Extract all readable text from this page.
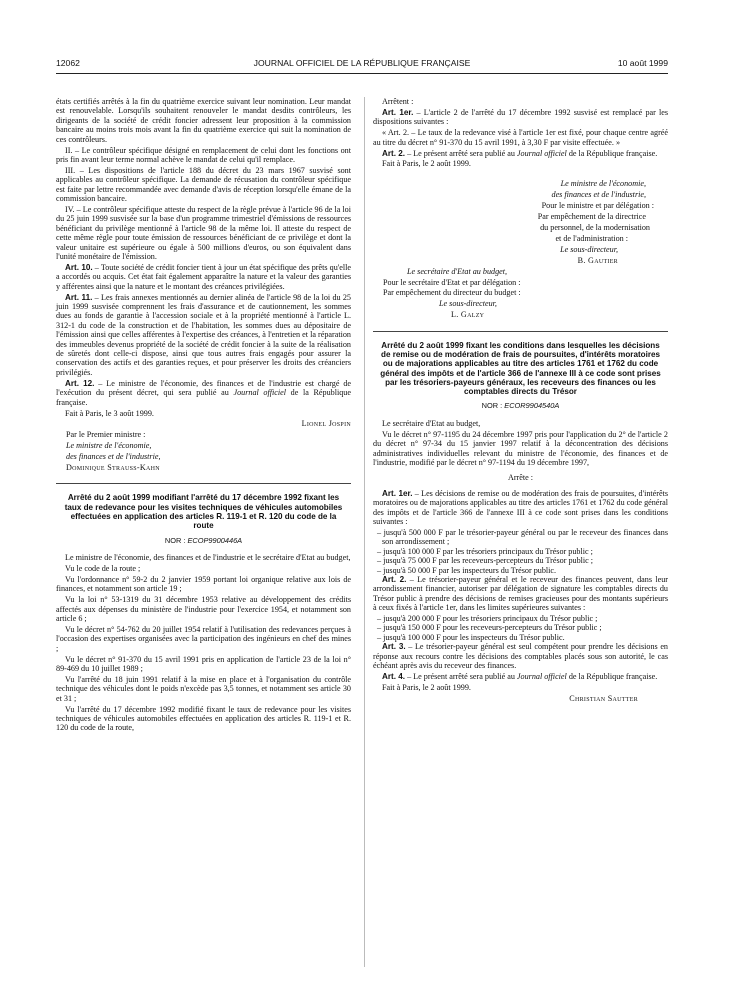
12062	JOURNAL OFFICIEL DE LA RÉPUBLIQUE FRANÇAISE	10 août 1999

états certifiés arrêtés à la fin du quatrième exercice suivant leur nomination. Leur mandat est renouvelable. Lorsqu'ils souhaitent renouveler le mandat desdits contrôleurs, les dirigeants de la société de crédit foncier adressent leur proposition à la commission bancaire au moins trois mois avant la fin du quatrième exercice qui suit la nomination de ces contrôleurs.

II. – Le contrôleur spécifique désigné en remplacement de celui dont les fonctions ont pris fin avant leur terme normal achève le mandat de celui qu'il remplace.

III. – Les dispositions de l'article 188 du décret du 23 mars 1967 susvisé sont applicables au contrôleur spécifique. La demande de récusation du contrôleur spécifique est faite par lettre recommandée avec demande d'avis de réception lorsqu'elle émane de la commission bancaire.

IV. – Le contrôleur spécifique atteste du respect de la règle prévue à l'article 96 de la loi du 25 juin 1999 susvisée sur la base d'un programme trimestriel d'émissions de ressources bénéficiant du privilège mentionné à l'article 98 de la même loi. Il atteste du respect de cette même règle pour toute émission de ressources bénéficiant de ce privilège et dont la valeur unitaire est supérieure ou égale à 500 millions d'euros, ou son équivalent dans l'unité monétaire de l'émission.

Art. 10. – Toute société de crédit foncier tient à jour un état spécifique des prêts qu'elle a accordés ou acquis. Cet état fait également apparaître la nature et la valeur des garanties y afférentes ainsi que la nature et le montant des créances privilégiées.

Art. 11. – Les frais annexes mentionnés au dernier alinéa de l'article 98 de la loi du 25 juin 1999 susvisée comprennent les frais d'assurance et de cautionnement, les sommes dues au fonds de garantie à l'accession sociale et à la propriété mentionné à l'article L. 312-1 du code de la construction et de l'habitation, les sommes dues au dépositaire de l'émission ainsi que celles afférentes à l'expertise des créances, à l'entretien et la réparation des immeubles devenus propriété de la société de crédit foncier à la suite de la réalisation de sûretés dont celle-ci dispose, ainsi que tous autres frais engagés pour assurer la conservation des actifs et des garanties reçues, et pour préserver les droits des créanciers privilégiés.

Art. 12. – Le ministre de l'économie, des finances et de l'industrie est chargé de l'exécution du présent décret, qui sera publié au Journal officiel de la République française.

Fait à Paris, le 3 août 1999.

Lionel Jospin

Par le Premier ministre :

Le ministre de l'économie,

des finances et de l'industrie,

Dominique Strauss-Kahn

Arrêté du 2 août 1999 modifiant l'arrêté du 17 décembre 1992 fixant les taux de redevance pour les visites techniques de véhicules automobiles effectuées en application des articles R. 119-1 et R. 120 du code de la route

NOR : ECOP9900446A

Le ministre de l'économie, des finances et de l'industrie et le secrétaire d'Etat au budget,

Vu le code de la route ;

Vu l'ordonnance n° 59-2 du 2 janvier 1959 portant loi organique relative aux lois de finances, et notamment son article 19 ;

Vu la loi n° 53-1319 du 31 décembre 1953 relative au développement des crédits affectés aux dépenses du ministère de l'industrie pour l'exercice 1954, et notamment son article 6 ;

Vu le décret n° 54-762 du 20 juillet 1954 relatif à l'utilisation des redevances perçues à l'occasion des expertises organisées avec la participation des ingénieurs en chef des mines ;

Vu le décret n° 91-370 du 15 avril 1991 pris en application de l'article 23 de la loi n° 89-469 du 10 juillet 1989 ;

Vu l'arrêté du 18 juin 1991 relatif à la mise en place et à l'organisation du contrôle technique des véhicules dont le poids n'excède pas 3,5 tonnes, et notamment ses article 30 et 31 ;

Vu l'arrêté du 17 décembre 1992 modifié fixant le taux de redevance pour les visites techniques de véhicules automobiles effectuées en application des articles R. 119-1 et R. 120 du code de la route,

Arrêtent :

Art. 1er. – L'article 2 de l'arrêté du 17 décembre 1992 susvisé est remplacé par les dispositions suivantes :

« Art. 2. – Le taux de la redevance visé à l'article 1er est fixé, pour chaque centre agréé au titre du décret n° 91-370 du 15 avril 1991, à 3,30 F par visite effectuée. »

Art. 2. – Le présent arrêté sera publié au Journal officiel de la République française.

Fait à Paris, le 2 août 1999.

Le ministre de l'économie,

des finances et de l'industrie,

Pour le ministre et par délégation :

Par empêchement de la directrice

du personnel, de la modernisation

et de l'administration :

Le sous-directeur,

B. Gautier

Le secrétaire d'Etat au budget,

Pour le secrétaire d'Etat et par délégation :

Par empêchement du directeur du budget :

Le sous-directeur,

L. Galzy

Arrêté du 2 août 1999 fixant les conditions dans lesquelles les décisions de remise ou de modération de frais de poursuites, d'intérêts moratoires ou de majorations applicables au titre des articles 1761 et 1762 du code général des impôts et de l'article 366 de l'annexe III à ce code sont prises par les trésoriers-payeurs généraux, les receveurs des finances ou les comptables directs du Trésor

NOR : ECOR9904540A

Le secrétaire d'Etat au budget,

Vu le décret n° 97-1195 du 24 décembre 1997 pris pour l'application du 2° de l'article 2 du décret n° 97-34 du 15 janvier 1997 relatif à la déconcentration des décisions administratives individuelles relevant du ministre de l'économie, des finances et de l'industrie, modifié par le décret n° 97-1194 du 19 décembre 1997,

Arrête :

Art. 1er. – Les décisions de remise ou de modération des frais de poursuites, d'intérêts moratoires ou de majorations applicables au titre des articles 1761 et 1762 du code général des impôts et de l'article 366 de l'annexe III à ce code sont prises dans les conditions suivantes :

– jusqu'à 500 000 F par le trésorier-payeur général ou par le receveur des finances dans son arrondissement ;

– jusqu'à 100 000 F par les trésoriers principaux du Trésor public ;

– jusqu'à 75 000 F par les receveurs-percepteurs du Trésor public ;

– jusqu'à 50 000 F par les inspecteurs du Trésor public.

Art. 2. – Le trésorier-payeur général et le receveur des finances peuvent, dans leur arrondissement financier, autoriser par délégation de signature les comptables directs du Trésor public à prendre des décisions de remises gracieuses pour des montants supérieurs à ceux fixés à l'article 1er, dans les limites supérieures suivantes :

– jusqu'à 200 000 F pour les trésoriers principaux du Trésor public ;

– jusqu'à 150 000 F pour les receveurs-percepteurs du Trésor public ;

– jusqu'à 100 000 F pour les inspecteurs du Trésor public.

Art. 3. – Le trésorier-payeur général est seul compétent pour prendre les décisions en réponse aux recours contre les décisions des comptables placés sous son autorité, le cas échéant après avis du receveur des finances.

Art. 4. – Le présent arrêté sera publié au Journal officiel de la République française.

Fait à Paris, le 2 août 1999.

Christian Sautter
